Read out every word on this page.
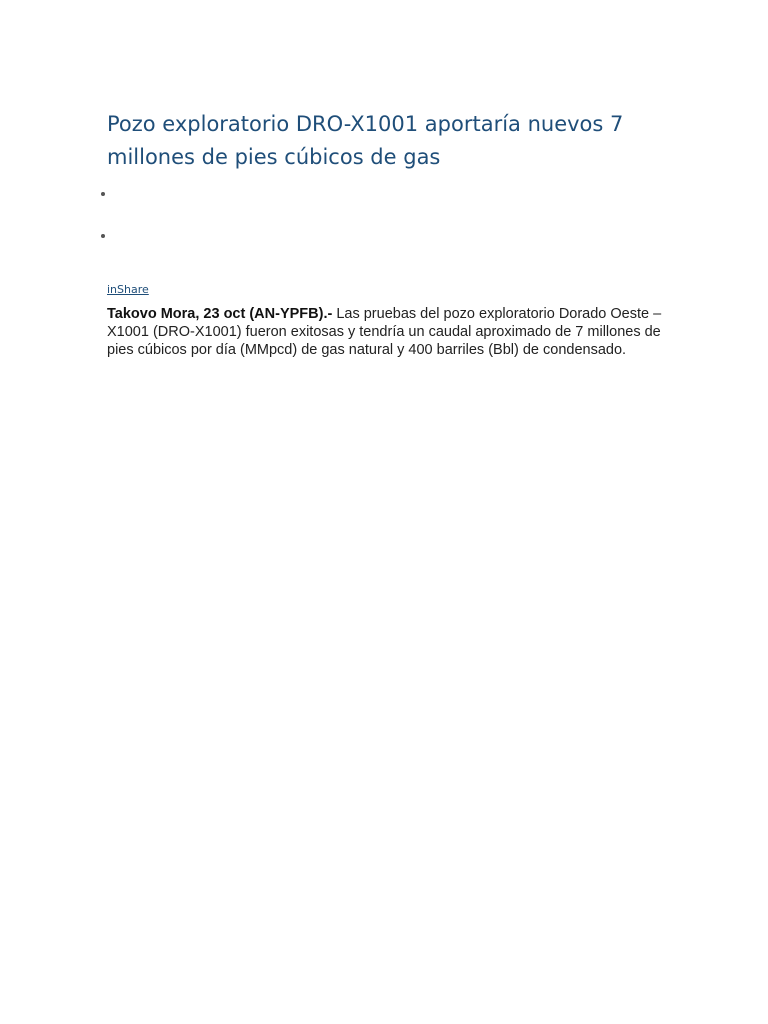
Pozo exploratorio DRO-X1001 aportaría nuevos 7 millones de pies cúbicos de gas
inShare

Takovo Mora, 23 oct (AN-YPFB).- Las pruebas del pozo exploratorio Dorado Oeste – X1001 (DRO-X1001) fueron exitosas y tendría un caudal aproximado de 7 millones de pies cúbicos por día (MMpcd) de gas natural y 400 barriles (Bbl) de condensado.
